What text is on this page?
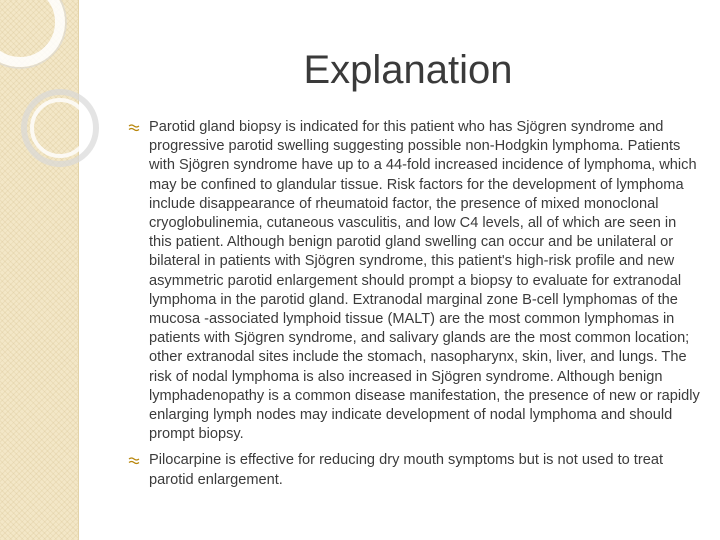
Explanation
Parotid gland biopsy is indicated for this patient who has Sjögren syndrome and progressive parotid swelling suggesting possible non-Hodgkin lymphoma. Patients with Sjögren syndrome have up to a 44-fold increased incidence of lymphoma, which may be confined to glandular tissue. Risk factors for the development of lymphoma include disappearance of rheumatoid factor, the presence of mixed monoclonal cryoglobulinemia, cutaneous vasculitis, and low C4 levels, all of which are seen in this patient. Although benign parotid gland swelling can occur and be unilateral or bilateral in patients with Sjögren syndrome, this patient's high-risk profile and new asymmetric parotid enlargement should prompt a biopsy to evaluate for extranodal lymphoma in the parotid gland. Extranodal marginal zone B-cell lymphomas of the mucosa -associated lymphoid tissue (MALT) are the most common lymphomas in patients with Sjögren syndrome, and salivary glands are the most common location; other extranodal sites include the stomach, nasopharynx, skin, liver, and lungs. The risk of nodal lymphoma is also increased in Sjögren syndrome. Although benign lymphadenopathy is a common disease manifestation, the presence of new or rapidly enlarging lymph nodes may indicate development of nodal lymphoma and should prompt biopsy.
Pilocarpine is effective for reducing dry mouth symptoms but is not used to treat parotid enlargement.
